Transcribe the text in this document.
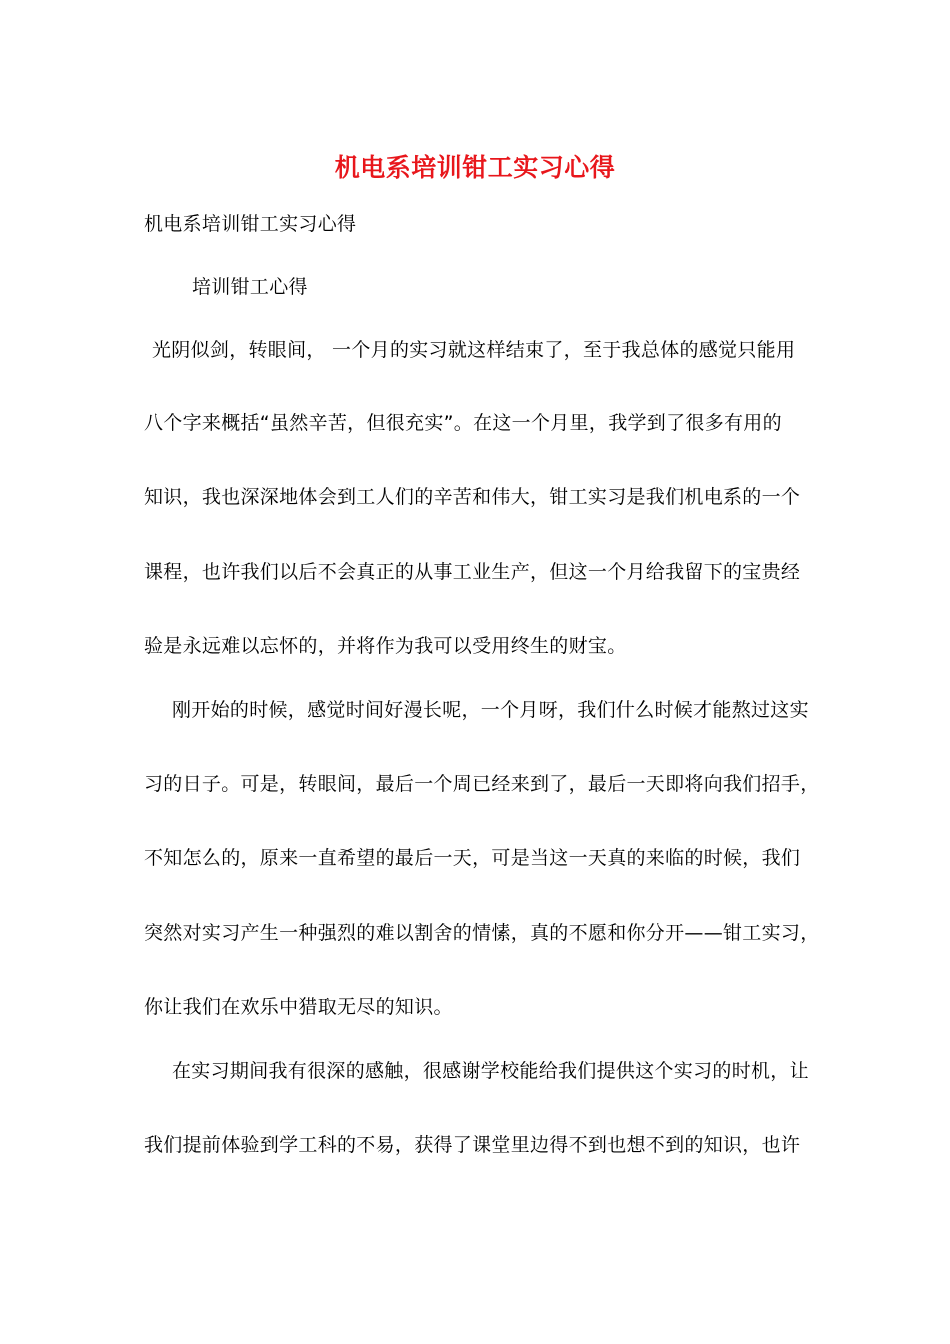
机电系培训钳工实习心得
机电系培训钳工实习心得
培训钳工心得
光阴似剑，转眼间， 一个月的实习就这样结束了，至于我总体的感觉只能用
八个字来概括“虽然辛苦，但很充实”。在这一个月里，我学到了很多有用的
知识，我也深深地体会到工人们的辛苦和伟大，钳工实习是我们机电系的一个
课程，也许我们以后不会真正的从事工业生产，但这一个月给我留下的宝贵经
验是永远难以忘怀的，并将作为我可以受用终生的财宝。
刚开始的时候，感觉时间好漫长呢，一个月呀，我们什么时候才能熬过这实
习的日子。可是，转眼间，最后一个周已经来到了，最后一天即将向我们招手，
不知怎么的，原来一直希望的最后一天，可是当这一天真的来临的时候，我们
突然对实习产生一种强烈的难以割舍的情愫，真的不愿和你分开——钳工实习，
你让我们在欢乐中猎取无尽的知识。
在实习期间我有很深的感触，很感谢学校能给我们提供这个实习的时机，让
我们提前体验到学工科的不易，获得了课堂里边得不到也想不到的知识，也许
